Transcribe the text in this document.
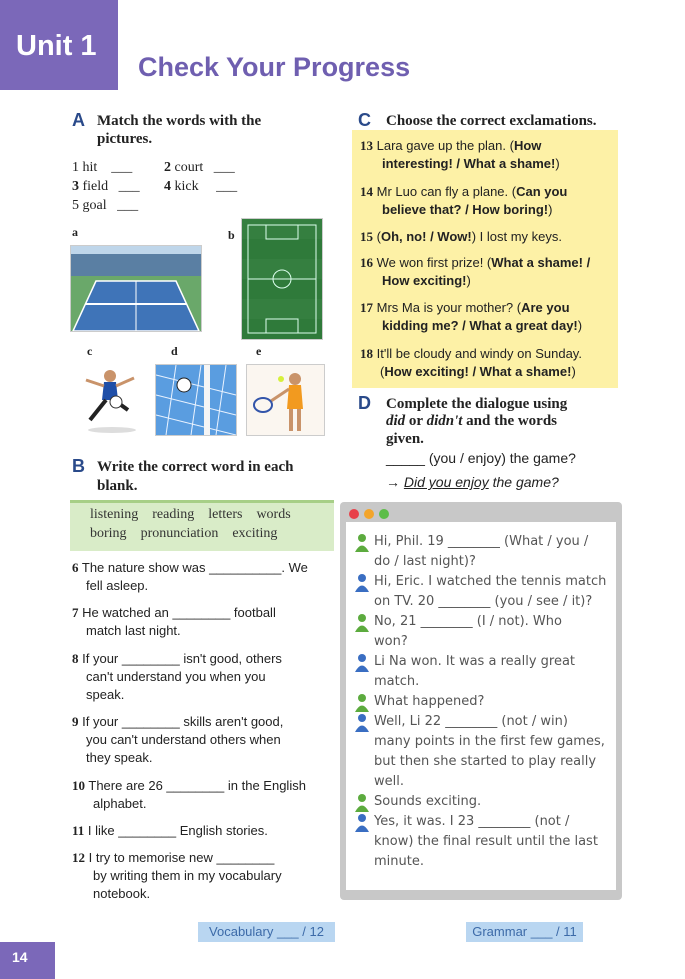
Unit 1
Check Your Progress
A Match the words with the
pictures.
1 hit ___ 2 court ___
3 field ___ 4 kick ___
5 goal ___
a	b
c	d	e
B Write the correct word in each
blank.
listening reading letters words
boring pronunciation exciting
6 The nature show was __________. We
fell asleep.
7 He watched an ________ football
match last night.
8 If your ________ isn't good, others
can't understand you when you
speak.
9 If your ________ skills aren't good,
you can't understand others when
they speak.
10 There are 26 ________ in the English
alphabet.
11 I like ________ English stories.
12 I try to memorise new ________
by writing them in my vocabulary
notebook.
C Choose the correct exclamations.
13 Lara gave up the plan. (How
interesting! / What a shame!)
14 Mr Luo can fly a plane. (Can you
believe that? / How boring!)
15 (Oh, no! / Wow!) I lost my keys.
16 We won first prize! (What a shame! /
How exciting!)
17 Mrs Ma is your mother? (Are you
kidding me? / What a great day!)
18 It'll be cloudy and windy on Sunday.
(How exciting! / What a shame!)
D Complete the dialogue using
did or didn't and the words
given.
_____ (you / enjoy) the game?
→ Did you enjoy the game?
Hi, Phil. 19 ________ (What / you /
do / last night)?
Hi, Eric. I watched the tennis match
on TV. 20 ________ (you / see / it)?
No, 21 ________ (I / not). Who
won?
Li Na won. It was a really great
match.
What happened?
Well, Li 22 ________ (not / win)
many points in the first few games,
but then she started to play really
well.
Sounds exciting.
Yes, it was. I 23 ________ (not /
know) the final result until the last
minute.
Vocabulary ___ / 12	Grammar ___ / 11
14
